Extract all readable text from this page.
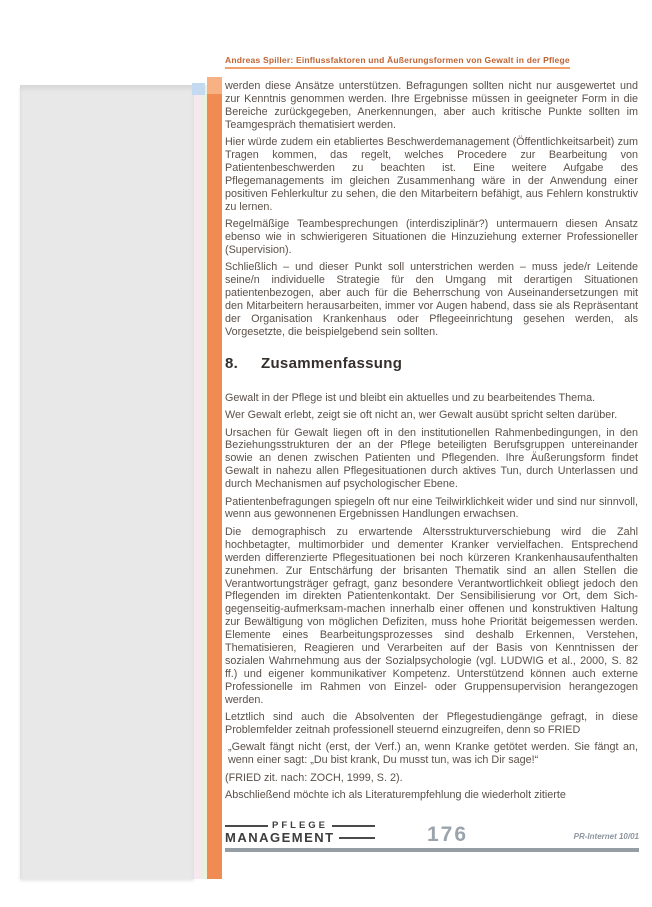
Andreas Spiller: Einflussfaktoren und Äußerungsformen von Gewalt in der Pflege

werden diese Ansätze unterstützen. Befragungen sollten nicht nur ausgewertet und zur Kenntnis genommen werden. Ihre Ergebnisse müssen in geeigneter Form in die Bereiche zurückgegeben, Anerkennungen, aber auch kritische Punkte sollten im Teamgespräch thematisiert werden.

Hier würde zudem ein etabliertes Beschwerdemanagement (Öffentlichkeitsarbeit) zum Tragen kommen, das regelt, welches Procedere zur Bearbeitung von Patientenbeschwerden zu beachten ist. Eine weitere Aufgabe des Pflegemanagements im gleichen Zusammenhang wäre in der Anwendung einer positiven Fehlerkultur zu sehen, die den Mitarbeitern befähigt, aus Fehlern konstruktiv zu lernen.

Regelmäßige Teambesprechungen (interdisziplinär?) untermauern diesen Ansatz ebenso wie in schwierigeren Situationen die Hinzuziehung externer Professioneller (Supervision).

Schließlich – und dieser Punkt soll unterstrichen werden – muss jede/r Leitende seine/n individuelle Strategie für den Umgang mit derartigen Situationen patientenbezogen, aber auch für die Beherrschung von Auseinandersetzungen mit den Mitarbeitern herausarbeiten, immer vor Augen habend, dass sie als Repräsentant der Organisation Krankenhaus oder Pflegeeinrichtung gesehen werden, als Vorgesetzte, die beispielgebend sein sollten.

8.	Zusammenfassung

Gewalt in der Pflege ist und bleibt ein aktuelles und zu bearbeitendes Thema.

Wer Gewalt erlebt, zeigt sie oft nicht an, wer Gewalt ausübt spricht selten darüber.

Ursachen für Gewalt liegen oft in den institutionellen Rahmenbedingungen, in den Beziehungsstrukturen der an der Pflege beteiligten Berufsgruppen untereinander sowie an denen zwischen Patienten und Pflegenden. Ihre Äußerungsform findet Gewalt in nahezu allen Pflegesituationen durch aktives Tun, durch Unterlassen und durch Mechanismen auf psychologischer Ebene.

Patientenbefragungen spiegeln oft nur eine Teilwirklichkeit wider und sind nur sinnvoll, wenn aus gewonnenen Ergebnissen Handlungen erwachsen.

Die demographisch zu erwartende Altersstrukturverschiebung wird die Zahl hochbetagter, multimorbider und dementer Kranker vervielfachen. Entsprechend werden differenzierte Pflegesituationen bei noch kürzeren Krankenhausaufenthalten zunehmen. Zur Entschärfung der brisanten Thematik sind an allen Stellen die Verantwortungsträger gefragt, ganz besondere Verantwortlichkeit obliegt jedoch den Pflegenden im direkten Patientenkontakt. Der Sensibilisierung vor Ort, dem Sich-gegenseitig-aufmerksam-machen innerhalb einer offenen und konstruktiven Haltung zur Bewältigung von möglichen Defiziten, muss hohe Priorität beigemessen werden. Elemente eines Bearbeitungsprozesses sind deshalb Erkennen, Verstehen, Thematisieren, Reagieren und Verarbeiten auf der Basis von Kenntnissen der sozialen Wahrnehmung aus der Sozialpsychologie (vgl. LUDWIG et al., 2000, S. 82 ff.) und eigener kommunikativer Kompetenz. Unterstützend können auch externe Professionelle im Rahmen von Einzel- oder Gruppensupervision herangezogen werden.

Letztlich sind auch die Absolventen der Pflegestudiengänge gefragt, in diese Problemfelder zeitnah professionell steuernd einzugreifen, denn so FRIED

„Gewalt fängt nicht (erst, der Verf.) an, wenn Kranke getötet werden. Sie fängt an, wenn einer sagt: „Du bist krank, Du musst tun, was ich Dir sage!“

(FRIED zit. nach: ZOCH, 1999, S. 2).

Abschließend möchte ich als Literaturempfehlung die wiederholt zitierte

PFLEGE
MANAGEMENT	176	PR-Internet 10/01
